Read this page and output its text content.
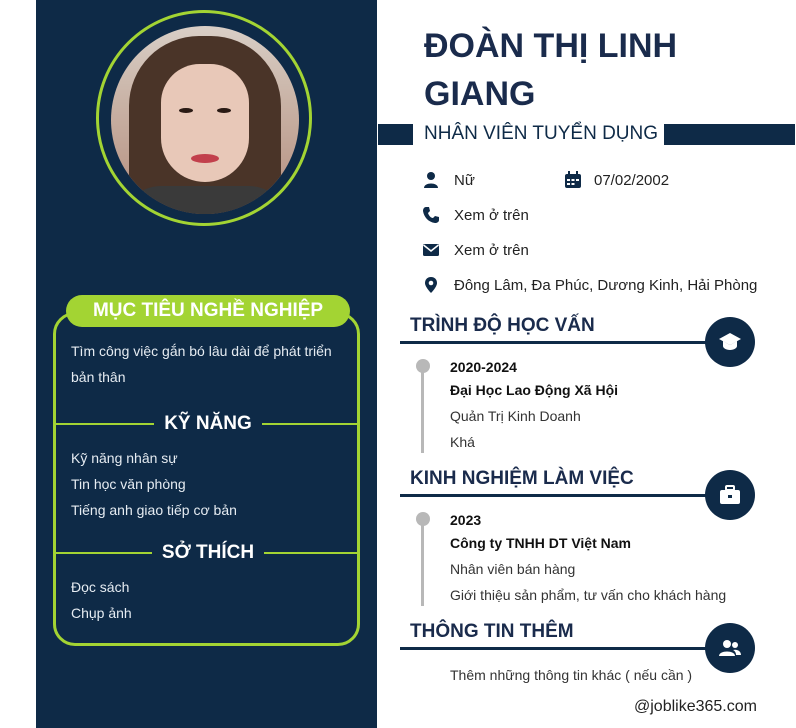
MỤC TIÊU NGHỀ NGHIỆP
Tìm công việc gắn bó lâu dài để phát triển bản thân
KỸ NĂNG
Kỹ năng nhân sự
Tin học văn phòng
Tiếng anh giao tiếp cơ bản
SỞ THÍCH
Đọc sách
Chụp ảnh
ĐOÀN THỊ LINH GIANG
NHÂN VIÊN TUYỂN DỤNG
Nữ	07/02/2002
Xem ở trên
Xem ở trên
Đông Lâm, Đa Phúc, Dương Kinh, Hải Phòng
TRÌNH ĐỘ HỌC VẤN
2020-2024
Đại Học Lao Động Xã Hội
Quản Trị Kinh Doanh
Khá
KINH NGHIỆM LÀM VIỆC
2023
Công ty TNHH DT Việt Nam
Nhân viên bán hàng
Giới thiệu sản phẩm, tư vấn cho khách hàng
THÔNG TIN THÊM
Thêm những thông tin khác ( nếu cần )
@joblike365.com
